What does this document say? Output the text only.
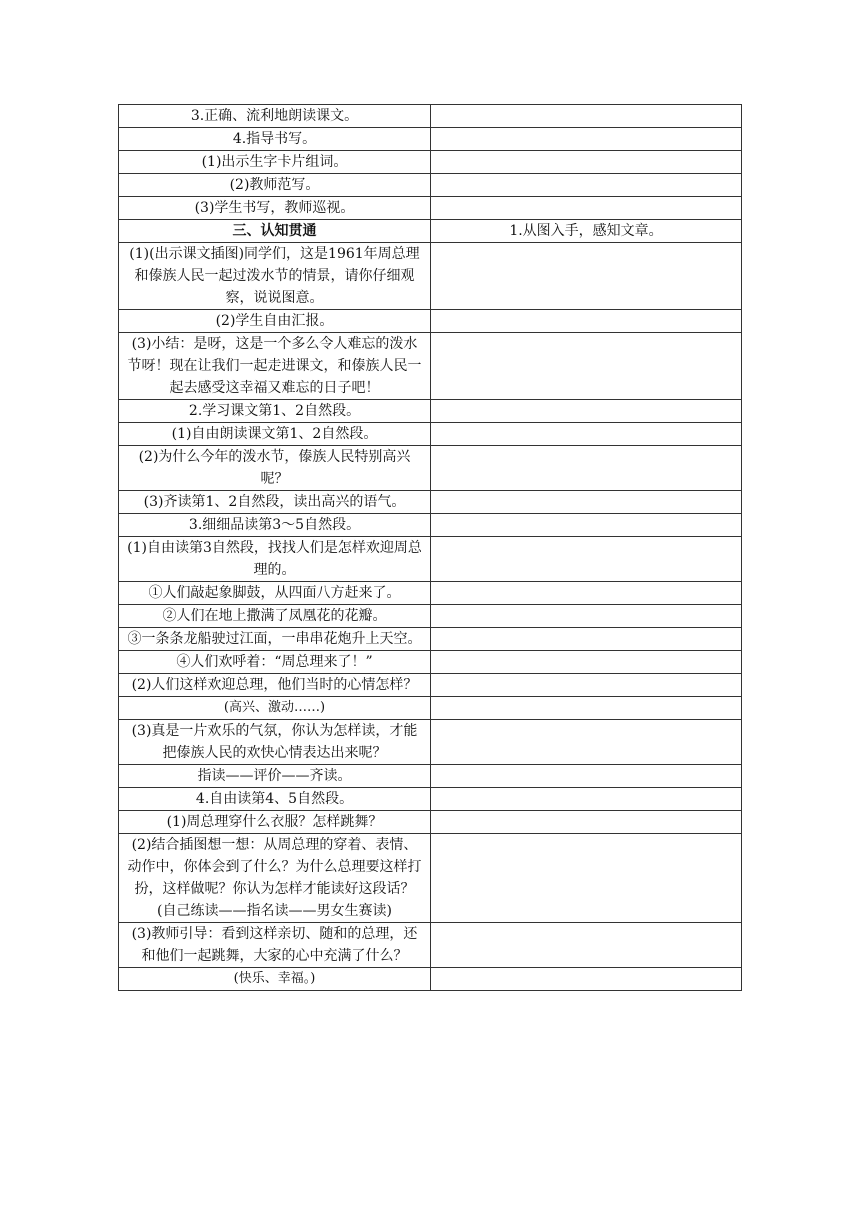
3.正确、流利地朗读课文。	
4.指导书写。	
(1)出示生字卡片组词。	
(2)教师范写。	
(3)学生书写，教师巡视。	
三、认知贯通	1.从图入手，感知文章。
(1)(出示课文插图)同学们，这是1961年周总理和傣族人民一起过泼水节的情景，请你仔细观察，说说图意。	
(2)学生自由汇报。	
(3)小结：是呀，这是一个多么令人难忘的泼水节呀！现在让我们一起走进课文，和傣族人民一起去感受这幸福又难忘的日子吧！	
2.学习课文第1、2自然段。	
(1)自由朗读课文第1、2自然段。	
(2)为什么今年的泼水节，傣族人民特别高兴呢？	
(3)齐读第1、2自然段，读出高兴的语气。	
3.细细品读第3～5自然段。	
(1)自由读第3自然段，找找人们是怎样欢迎周总理的。	
①人们敲起象脚鼓，从四面八方赶来了。	
②人们在地上撒满了凤凰花的花瓣。	
③一条条龙船驶过江面，一串串花炮升上天空。	
④人们欢呼着：“周总理来了！”	
(2)人们这样欢迎总理，他们当时的心情怎样？	
(高兴、激动……)	
(3)真是一片欢乐的气氛，你认为怎样读，才能把傣族人民的欢快心情表达出来呢？	
指读——评价——齐读。	
4.自由读第4、5自然段。	
(1)周总理穿什么衣服？怎样跳舞？	
(2)结合插图想一想：从周总理的穿着、表情、动作中，你体会到了什么？为什么总理要这样打扮，这样做呢？你认为怎样才能读好这段话？(自己练读——指名读——男女生赛读)	
(3)教师引导：看到这样亲切、随和的总理，还和他们一起跳舞，大家的心中充满了什么？	
(快乐、幸福。)	
